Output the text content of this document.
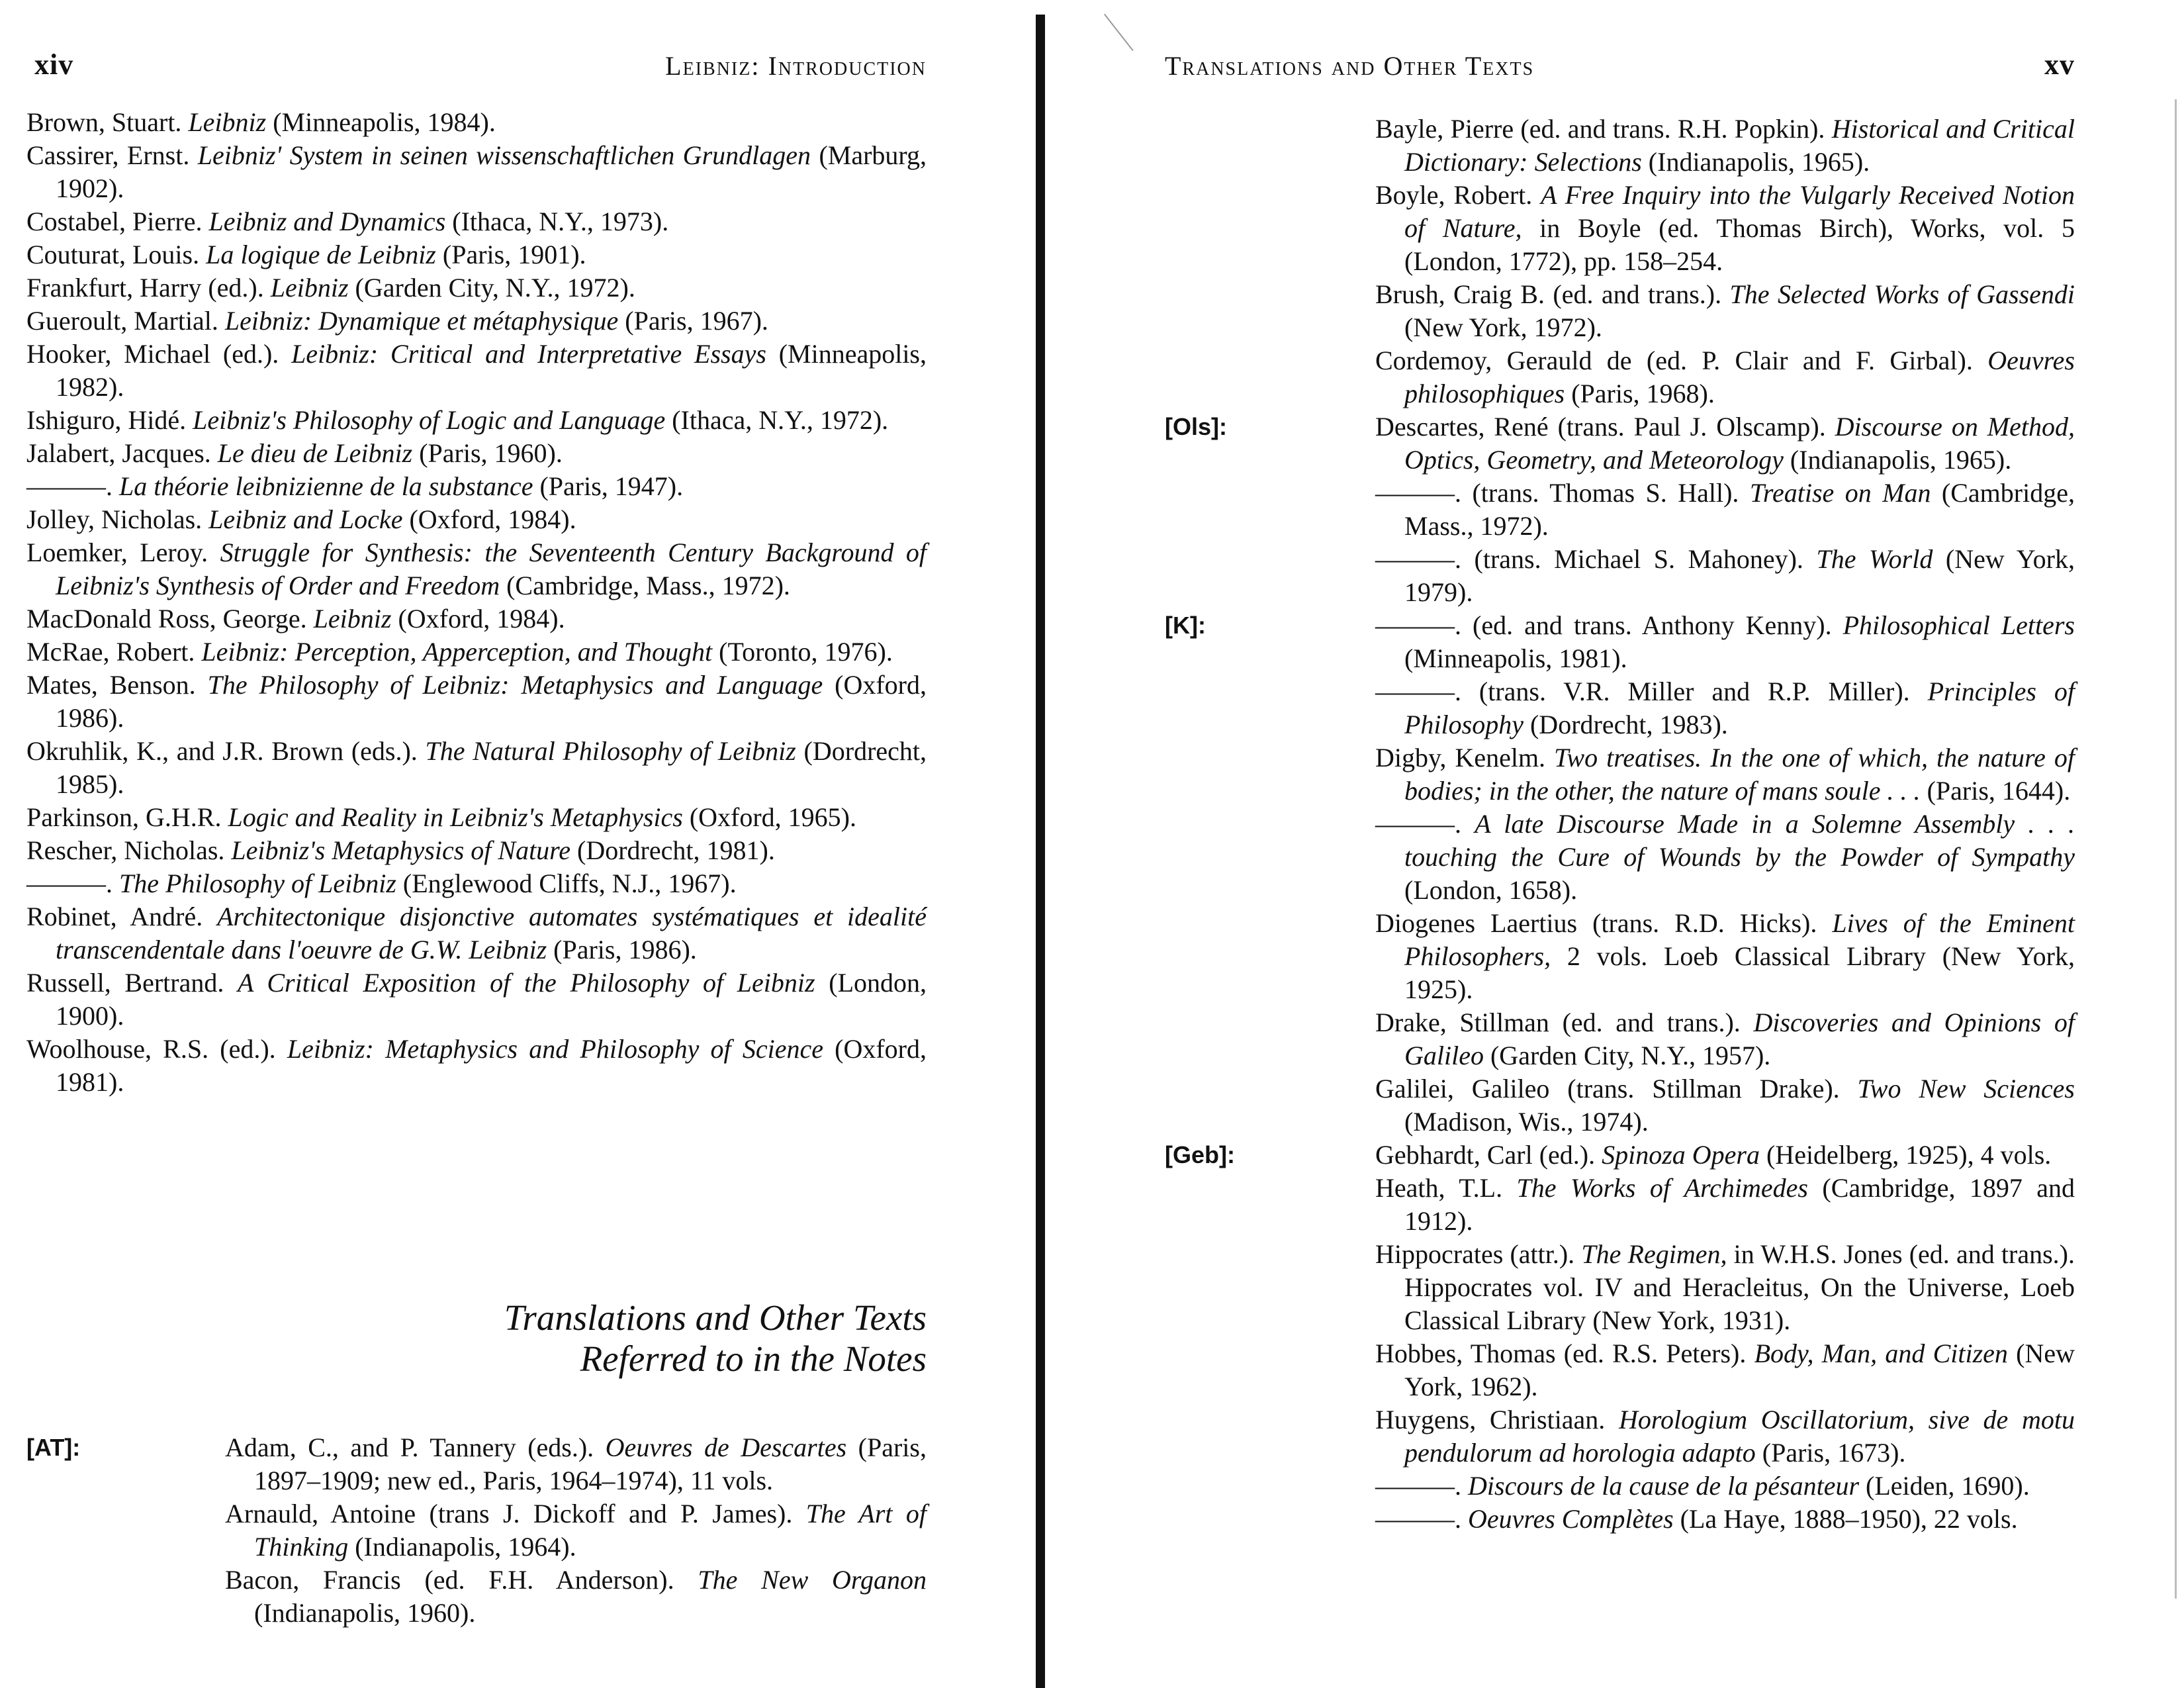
xiv	Leibniz: Introduction
Brown, Stuart. Leibniz (Minneapolis, 1984).
Cassirer, Ernst. Leibniz' System in seinen wissenschaftlichen Grundlagen (Marburg, 1902).
Costabel, Pierre. Leibniz and Dynamics (Ithaca, N.Y., 1973).
Couturat, Louis. La logique de Leibniz (Paris, 1901).
Frankfurt, Harry (ed.). Leibniz (Garden City, N.Y., 1972).
Gueroult, Martial. Leibniz: Dynamique et métaphysique (Paris, 1967).
Hooker, Michael (ed.). Leibniz: Critical and Interpretative Essays (Minneapolis, 1982).
Ishiguro, Hidé. Leibniz's Philosophy of Logic and Language (Ithaca, N.Y., 1972).
Jalabert, Jacques. Le dieu de Leibniz (Paris, 1960).
———. La théorie leibnizienne de la substance (Paris, 1947).
Jolley, Nicholas. Leibniz and Locke (Oxford, 1984).
Loemker, Leroy. Struggle for Synthesis: the Seventeenth Century Background of Leibniz's Synthesis of Order and Freedom (Cambridge, Mass., 1972).
MacDonald Ross, George. Leibniz (Oxford, 1984).
McRae, Robert. Leibniz: Perception, Apperception, and Thought (Toronto, 1976).
Mates, Benson. The Philosophy of Leibniz: Metaphysics and Language (Oxford, 1986).
Okruhlik, K., and J.R. Brown (eds.). The Natural Philosophy of Leibniz (Dordrecht, 1985).
Parkinson, G.H.R. Logic and Reality in Leibniz's Metaphysics (Oxford, 1965).
Rescher, Nicholas. Leibniz's Metaphysics of Nature (Dordrecht, 1981).
———. The Philosophy of Leibniz (Englewood Cliffs, N.J., 1967).
Robinet, André. Architectonique disjonctive automates systématiques et idealité transcendentale dans l'oeuvre de G.W. Leibniz (Paris, 1986).
Russell, Bertrand. A Critical Exposition of the Philosophy of Leibniz (London, 1900).
Woolhouse, R.S. (ed.). Leibniz: Metaphysics and Philosophy of Science (Oxford, 1981).
Translations and Other Texts
Referred to in the Notes
[AT]:	Adam, C., and P. Tannery (eds.). Oeuvres de Descartes (Paris, 1897–1909; new ed., Paris, 1964–1974), 11 vols.
Arnauld, Antoine (trans J. Dickoff and P. James). The Art of Thinking (Indianapolis, 1964).
Bacon, Francis (ed. F.H. Anderson). The New Organon (Indianapolis, 1960).
Translations and Other Texts	xv
Bayle, Pierre (ed. and trans. R.H. Popkin). Historical and Critical Dictionary: Selections (Indianapolis, 1965).
Boyle, Robert. A Free Inquiry into the Vulgarly Received Notion of Nature, in Boyle (ed. Thomas Birch), Works, vol. 5 (London, 1772), pp. 158–254.
Brush, Craig B. (ed. and trans.). The Selected Works of Gassendi (New York, 1972).
Cordemoy, Gerauld de (ed. P. Clair and F. Girbal). Oeuvres philosophiques (Paris, 1968).
[Ols]:	Descartes, René (trans. Paul J. Olscamp). Discourse on Method, Optics, Geometry, and Meteorology (Indianapolis, 1965).
———. (trans. Thomas S. Hall). Treatise on Man (Cambridge, Mass., 1972).
———. (trans. Michael S. Mahoney). The World (New York, 1979).
[K]:	———. (ed. and trans. Anthony Kenny). Philosophical Letters (Minneapolis, 1981).
———. (trans. V.R. Miller and R.P. Miller). Principles of Philosophy (Dordrecht, 1983).
Digby, Kenelm. Two treatises. In the one of which, the nature of bodies; in the other, the nature of mans soule . . . (Paris, 1644).
———. A late Discourse Made in a Solemne Assembly . . . touching the Cure of Wounds by the Powder of Sympathy (London, 1658).
Diogenes Laertius (trans. R.D. Hicks). Lives of the Eminent Philosophers, 2 vols. Loeb Classical Library (New York, 1925).
Drake, Stillman (ed. and trans.). Discoveries and Opinions of Galileo (Garden City, N.Y., 1957).
Galilei, Galileo (trans. Stillman Drake). Two New Sciences (Madison, Wis., 1974).
[Geb]:	Gebhardt, Carl (ed.). Spinoza Opera (Heidelberg, 1925), 4 vols.
Heath, T.L. The Works of Archimedes (Cambridge, 1897 and 1912).
Hippocrates (attr.). The Regimen, in W.H.S. Jones (ed. and trans.). Hippocrates vol. IV and Heracleitus, On the Universe, Loeb Classical Library (New York, 1931).
Hobbes, Thomas (ed. R.S. Peters). Body, Man, and Citizen (New York, 1962).
Huygens, Christiaan. Horologium Oscillatorium, sive de motu pendulorum ad horologia adapto (Paris, 1673).
———. Discours de la cause de la pésanteur (Leiden, 1690).
———. Oeuvres Complètes (La Haye, 1888–1950), 22 vols.
